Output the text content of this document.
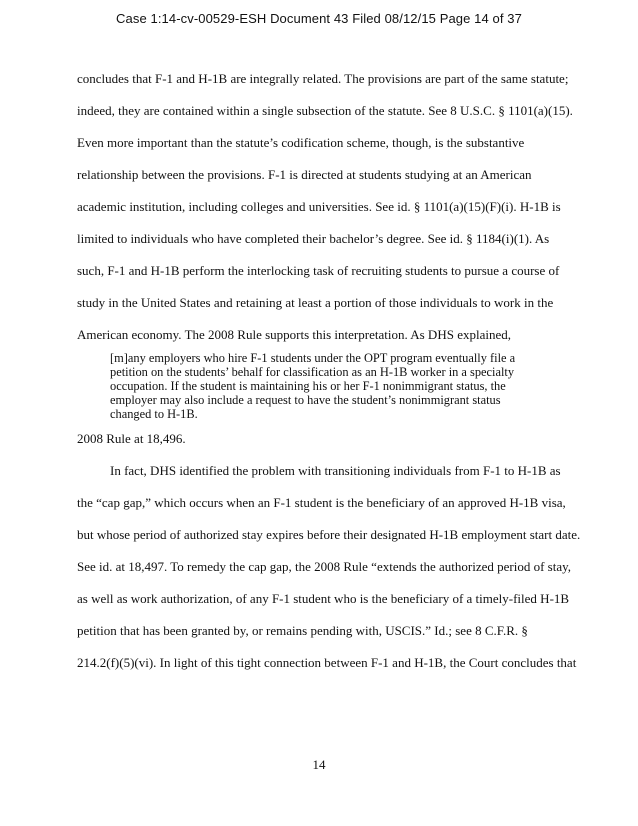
Case 1:14-cv-00529-ESH Document 43 Filed 08/12/15 Page 14 of 37
concludes that F-1 and H-1B are integrally related. The provisions are part of the same statute;
indeed, they are contained within a single subsection of the statute. See 8 U.S.C. § 1101(a)(15).
Even more important than the statute’s codification scheme, though, is the substantive
relationship between the provisions. F-1 is directed at students studying at an American
academic institution, including colleges and universities. See id. § 1101(a)(15)(F)(i). H-1B is
limited to individuals who have completed their bachelor’s degree. See id. § 1184(i)(1). As
such, F-1 and H-1B perform the interlocking task of recruiting students to pursue a course of
study in the United States and retaining at least a portion of those individuals to work in the
American economy. The 2008 Rule supports this interpretation. As DHS explained,
[m]any employers who hire F-1 students under the OPT program eventually file a
petition on the students’ behalf for classification as an H-1B worker in a specialty
occupation. If the student is maintaining his or her F-1 nonimmigrant status, the
employer may also include a request to have the student’s nonimmigrant status
changed to H-1B.
2008 Rule at 18,496.
In fact, DHS identified the problem with transitioning individuals from F-1 to H-1B as
the “cap gap,” which occurs when an F-1 student is the beneficiary of an approved H-1B visa,
but whose period of authorized stay expires before their designated H-1B employment start date.
See id. at 18,497. To remedy the cap gap, the 2008 Rule “extends the authorized period of stay,
as well as work authorization, of any F-1 student who is the beneficiary of a timely-filed H-1B
petition that has been granted by, or remains pending with, USCIS.” Id.; see 8 C.F.R. §
214.2(f)(5)(vi). In light of this tight connection between F-1 and H-1B, the Court concludes that
14
